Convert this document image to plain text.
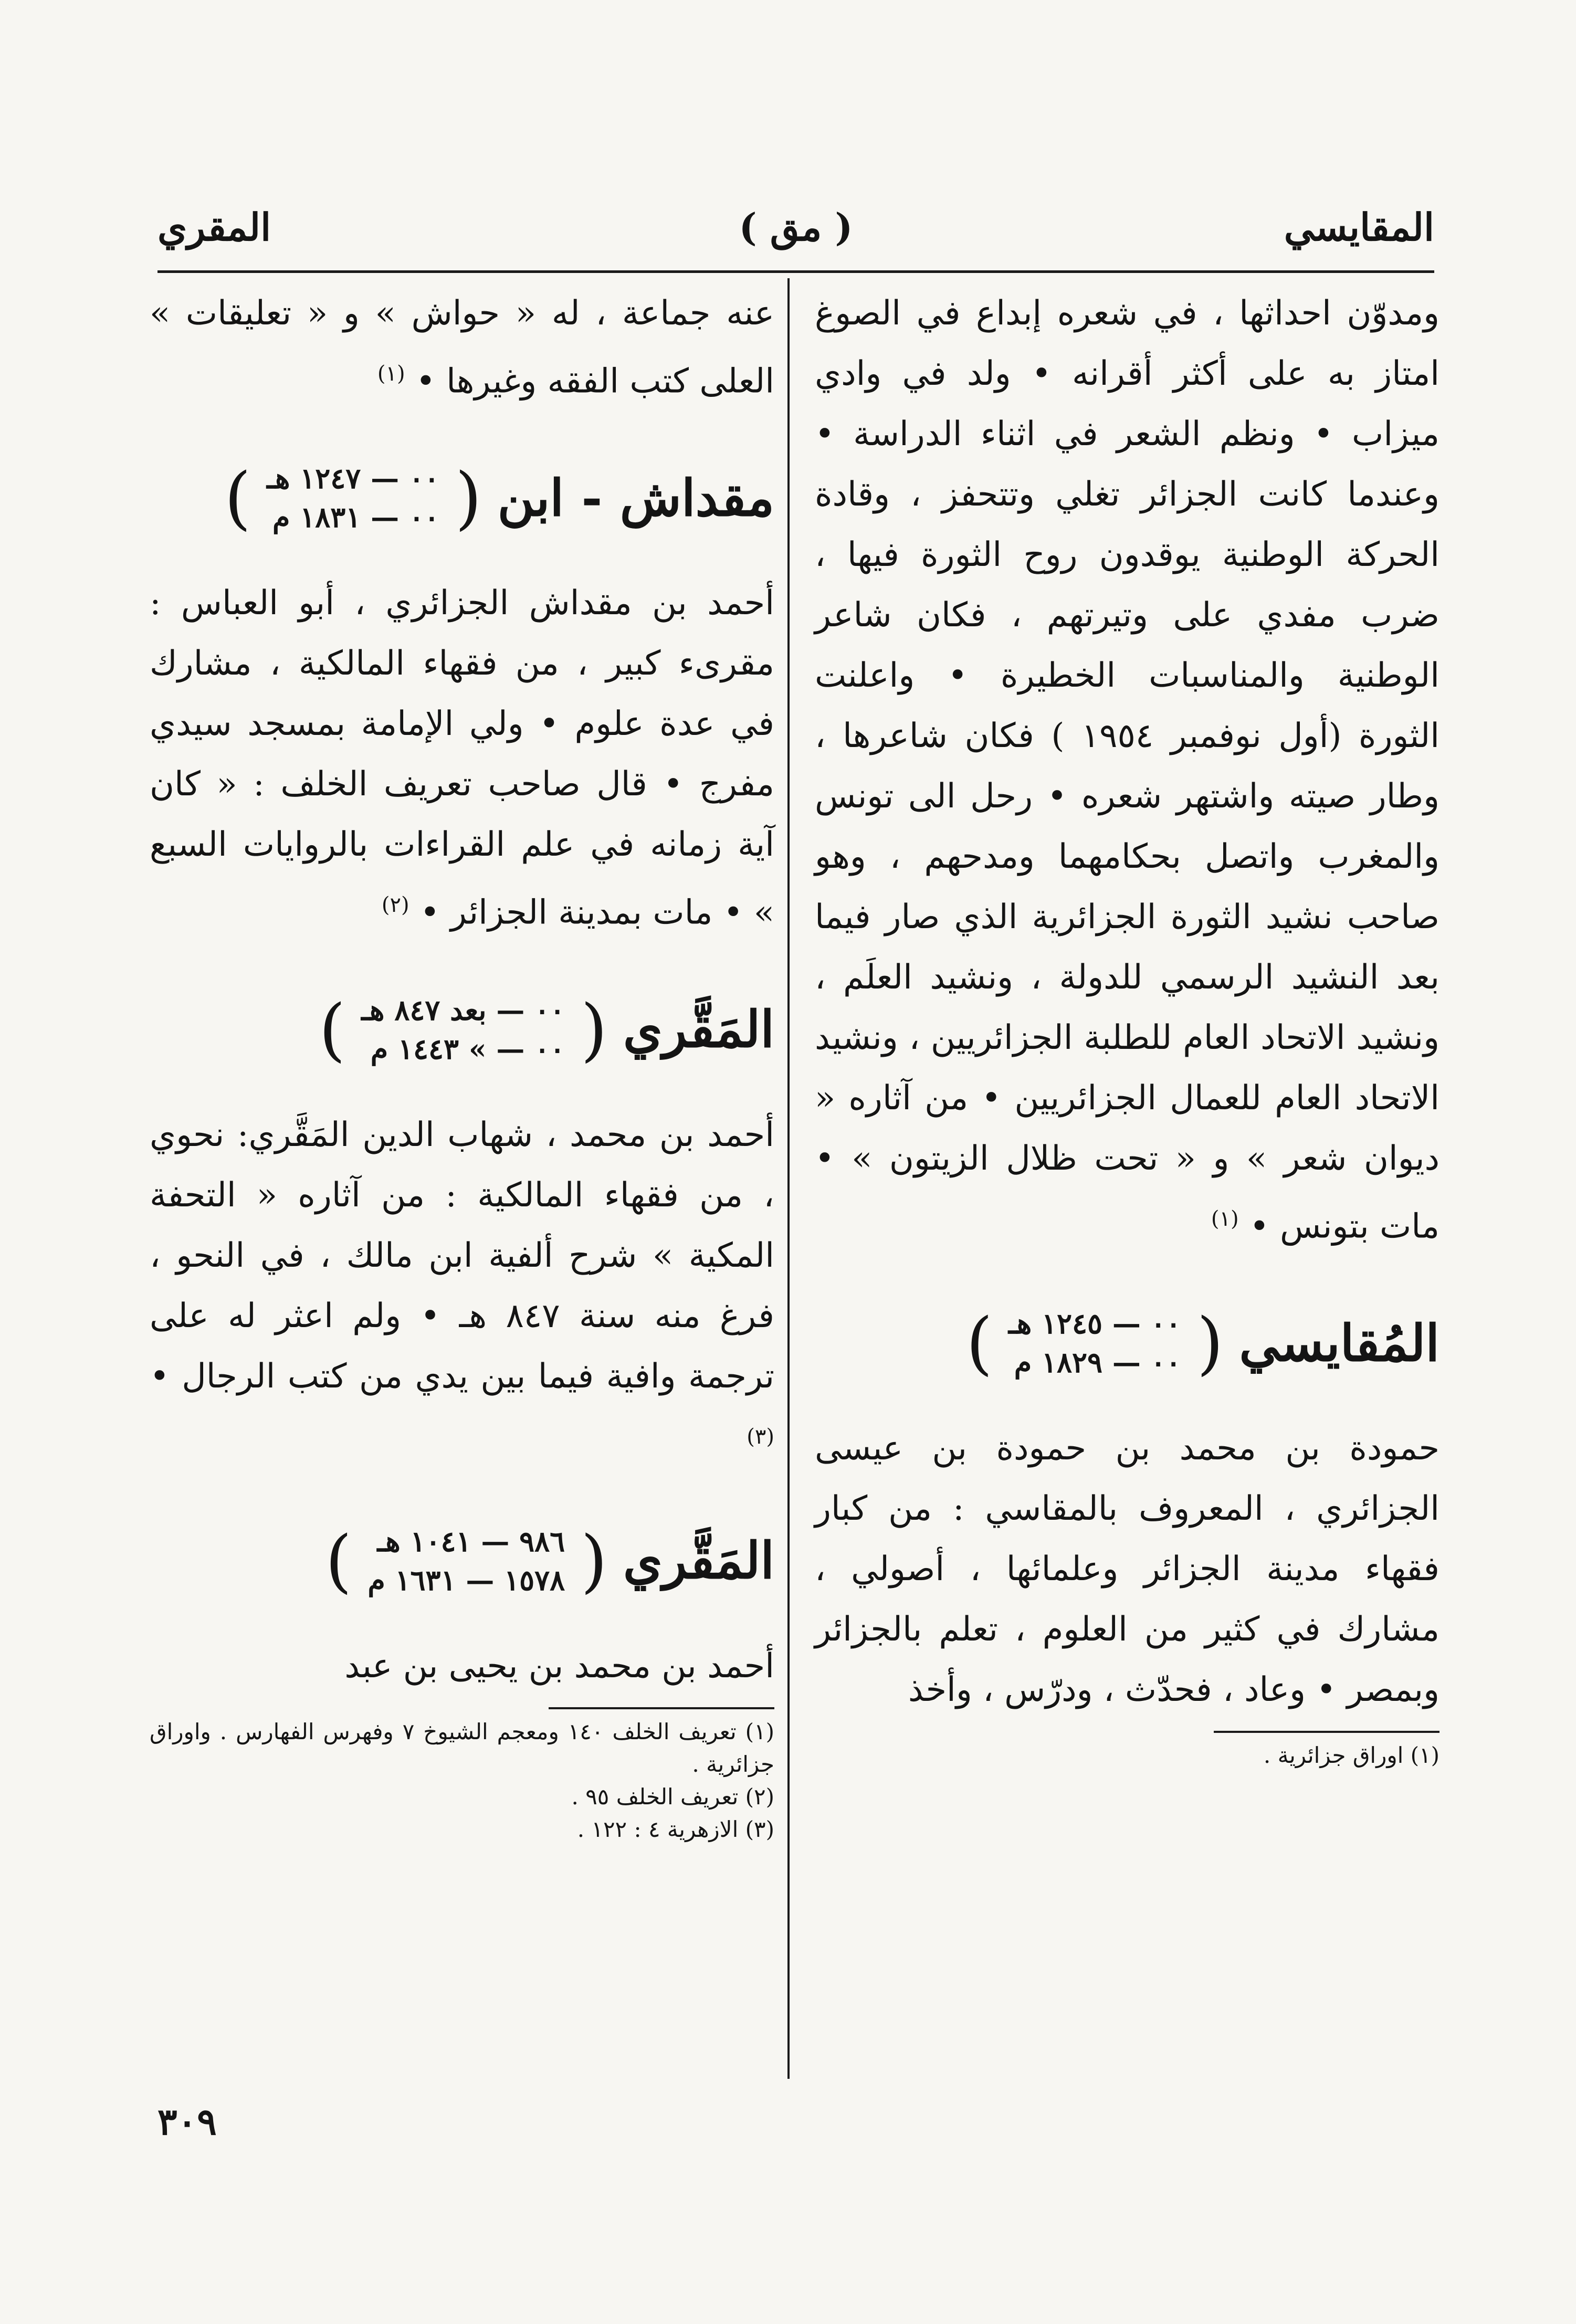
المقايسي
( مق )
المقري

ومدوّن احداثها ، في شعره إبداع في الصوغ امتاز به على أكثر أقرانه • ولد في وادي ميزاب • ونظم الشعر في اثناء الدراسة • وعندما كانت الجزائر تغلي وتتحفز ، وقادة الحركة الوطنية يوقدون روح الثورة فيها ، ضرب مفدي على وتيرتهم ، فكان شاعر الوطنية والمناسبات الخطيرة • واعلنت الثورة (أول نوفمبر ١٩٥٤ ) فكان شاعرها ، وطار صيته واشتهر شعره • رحل الى تونس والمغرب واتصل بحكامهما ومدحهم ، وهو صاحب نشيد الثورة الجزائرية الذي صار فيما بعد النشيد الرسمي للدولة ، ونشيد العلَم ، ونشيد الاتحاد العام للطلبة الجزائريين ، ونشيد الاتحاد العام للعمال الجزائريين • من آثاره « ديوان شعر » و « تحت ظلال الزيتون » • مات بتونس • $^{(١)}$

المُقايسي
(
٠٠ — ١٢٤٥ هـ
٠٠ — ١٨٢٩ م
)

حمودة بن محمد بن حمودة بن عيسى الجزائري ، المعروف بالمقاسي : من كبار فقهاء مدينة الجزائر وعلمائها ، أصولي ، مشارك في كثير من العلوم ، تعلم بالجزائر وبمصر • وعاد ، فحدّث ، ودرّس ، وأخذ

(١) اوراق جزائرية .

عنه جماعة ، له « حواش » و « تعليقات » العلى كتب الفقه وغيرها • $^{(١)}$

مقداش - ابن
(
٠٠ — ١٢٤٧ هـ
٠٠ — ١٨٣١ م
)

أحمد بن مقداش الجزائري ، أبو العباس : مقرىء كبير ، من فقهاء المالكية ، مشارك في عدة علوم • ولي الإمامة بمسجد سيدي مفرج • قال صاحب تعريف الخلف : « كان آية زمانه في علم القراءات بالروايات السبع » • مات بمدينة الجزائر • $^{(٢)}$

المَقَّري
(
٠٠ — بعد ٨٤٧ هـ
٠٠ — » ١٤٤٣ م
)

أحمد بن محمد ، شهاب الدين المَقَّري: نحوي ، من فقهاء المالكية : من آثاره « التحفة المكية » شرح ألفية ابن مالك ، في النحو ، فرغ منه سنة ٨٤٧ هـ • ولم اعثر له على ترجمة وافية فيما بين يدي من كتب الرجال • $^{(٣)}$

المَقَّري
(
٩٨٦ — ١٠٤١ هـ
١٥٧٨ — ١٦٣١ م
)

أحمد بن محمد بن يحيى بن عبد

(١) تعريف الخلف ١٤٠ ومعجم الشيوخ ٧ وفهرس الفهارس . واوراق جزائرية .
(٢) تعريف الخلف ٩٥ .
(٣) الازهرية ٤ : ١٢٢ .
٣٠٩
